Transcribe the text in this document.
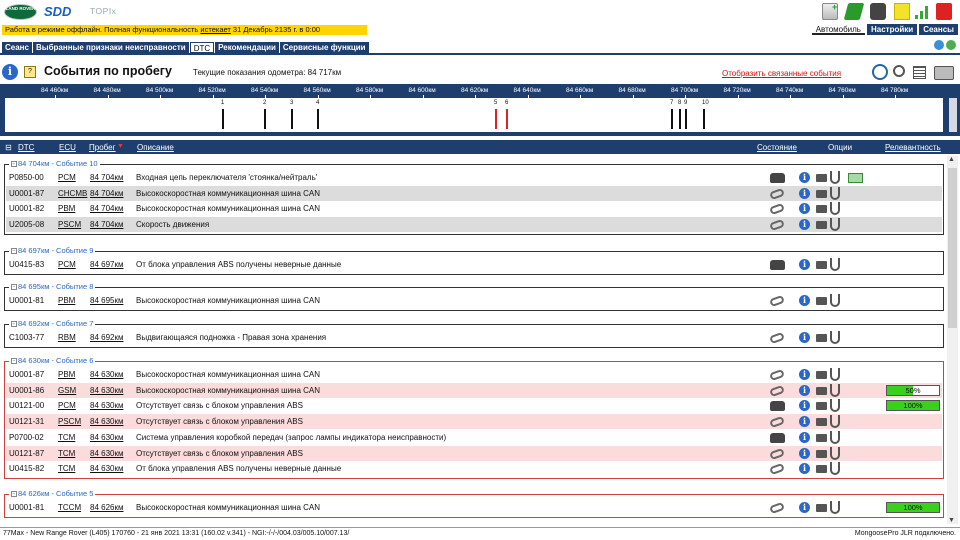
LAND ROVER SDD TOPIx	+
Работа в режиме оффлайн. Полная функциональность истекает 31 Декабрь 2135 г. в 0:00	Автомобиль	Настройки	Сеансы
Сеанс Выбранные признаки неисправности	DTC	Рекомендации Сервисные функции
i	? События по пробегу	Текущие показания одометра: 84 717км	Отобразить связанные события
1	2	3	4	5 6	7 8 9 10
84 460км	84 480км	84 500км	84 520км	84 540км	84 560км	84 580км	84 600км	84 620км	84 640км	84 660км	84 680км	84 700км	84 720км	84 740км	84 760км	84 780км
⊟ DTC	ECU Пробег ▼ Описание	Состояние	Опции	Релевантность
− 84 704км - Событие 10
P0850-00 PCM 84 704км Входная цепь переключателя 'стоянка/нейтраль'	i
U0001-87 CHCMB 84 704км Высокоскоростная коммуникационная шина CAN	i
U0001-82 PBM 84 704км Высокоскоростная коммуникационная шина CAN	i
U2005-08 PSCM 84 704км Скорость движения	i
− 84 697км - Событие 9
U0415-83 PCM 84 697км От блока управления ABS получены неверные данные	i
− 84 695км - Событие 8
U0001-81 PBM 84 695км Высокоскоростная коммуникационная шина CAN	i
− 84 692км - Событие 7
C1003-77 RBM 84 692км Выдвигающаяся подножка - Правая зона хранения	i
− 84 630км - Событие 6
U0001-87 PBM 84 630км Высокоскоростная коммуникационная шина CAN	i
U0001-86 GSM 84 630км Высокоскоростная коммуникационная шина CAN	i	50%
U0121-00 PCM 84 630км Отсутствует связь с блоком управления ABS	i	100%
U0121-31 PSCM 84 630км Отсутствует связь с блоком управления ABS	i
P0700-02 TCM 84 630км Система управления коробкой передач (запрос лампы индикатора неисправности)	i
U0121-87 TCM 84 630км Отсутствует связь с блоком управления ABS	i
U0415-82 TCM 84 630км От блока управления ABS получены неверные данные	i
− 84 626км - Событие 5
U0001-81 TCCM 84 626км Высокоскоростная коммуникационная шина CAN	i	100%
▲
▼
77Max - New Range Rover (L405) 170760 - 21 янв 2021 13:31 (160.02 v.341) - NGI:-/-/-/004.03/005.10/007.13/	MongoosePro JLR подключено.
